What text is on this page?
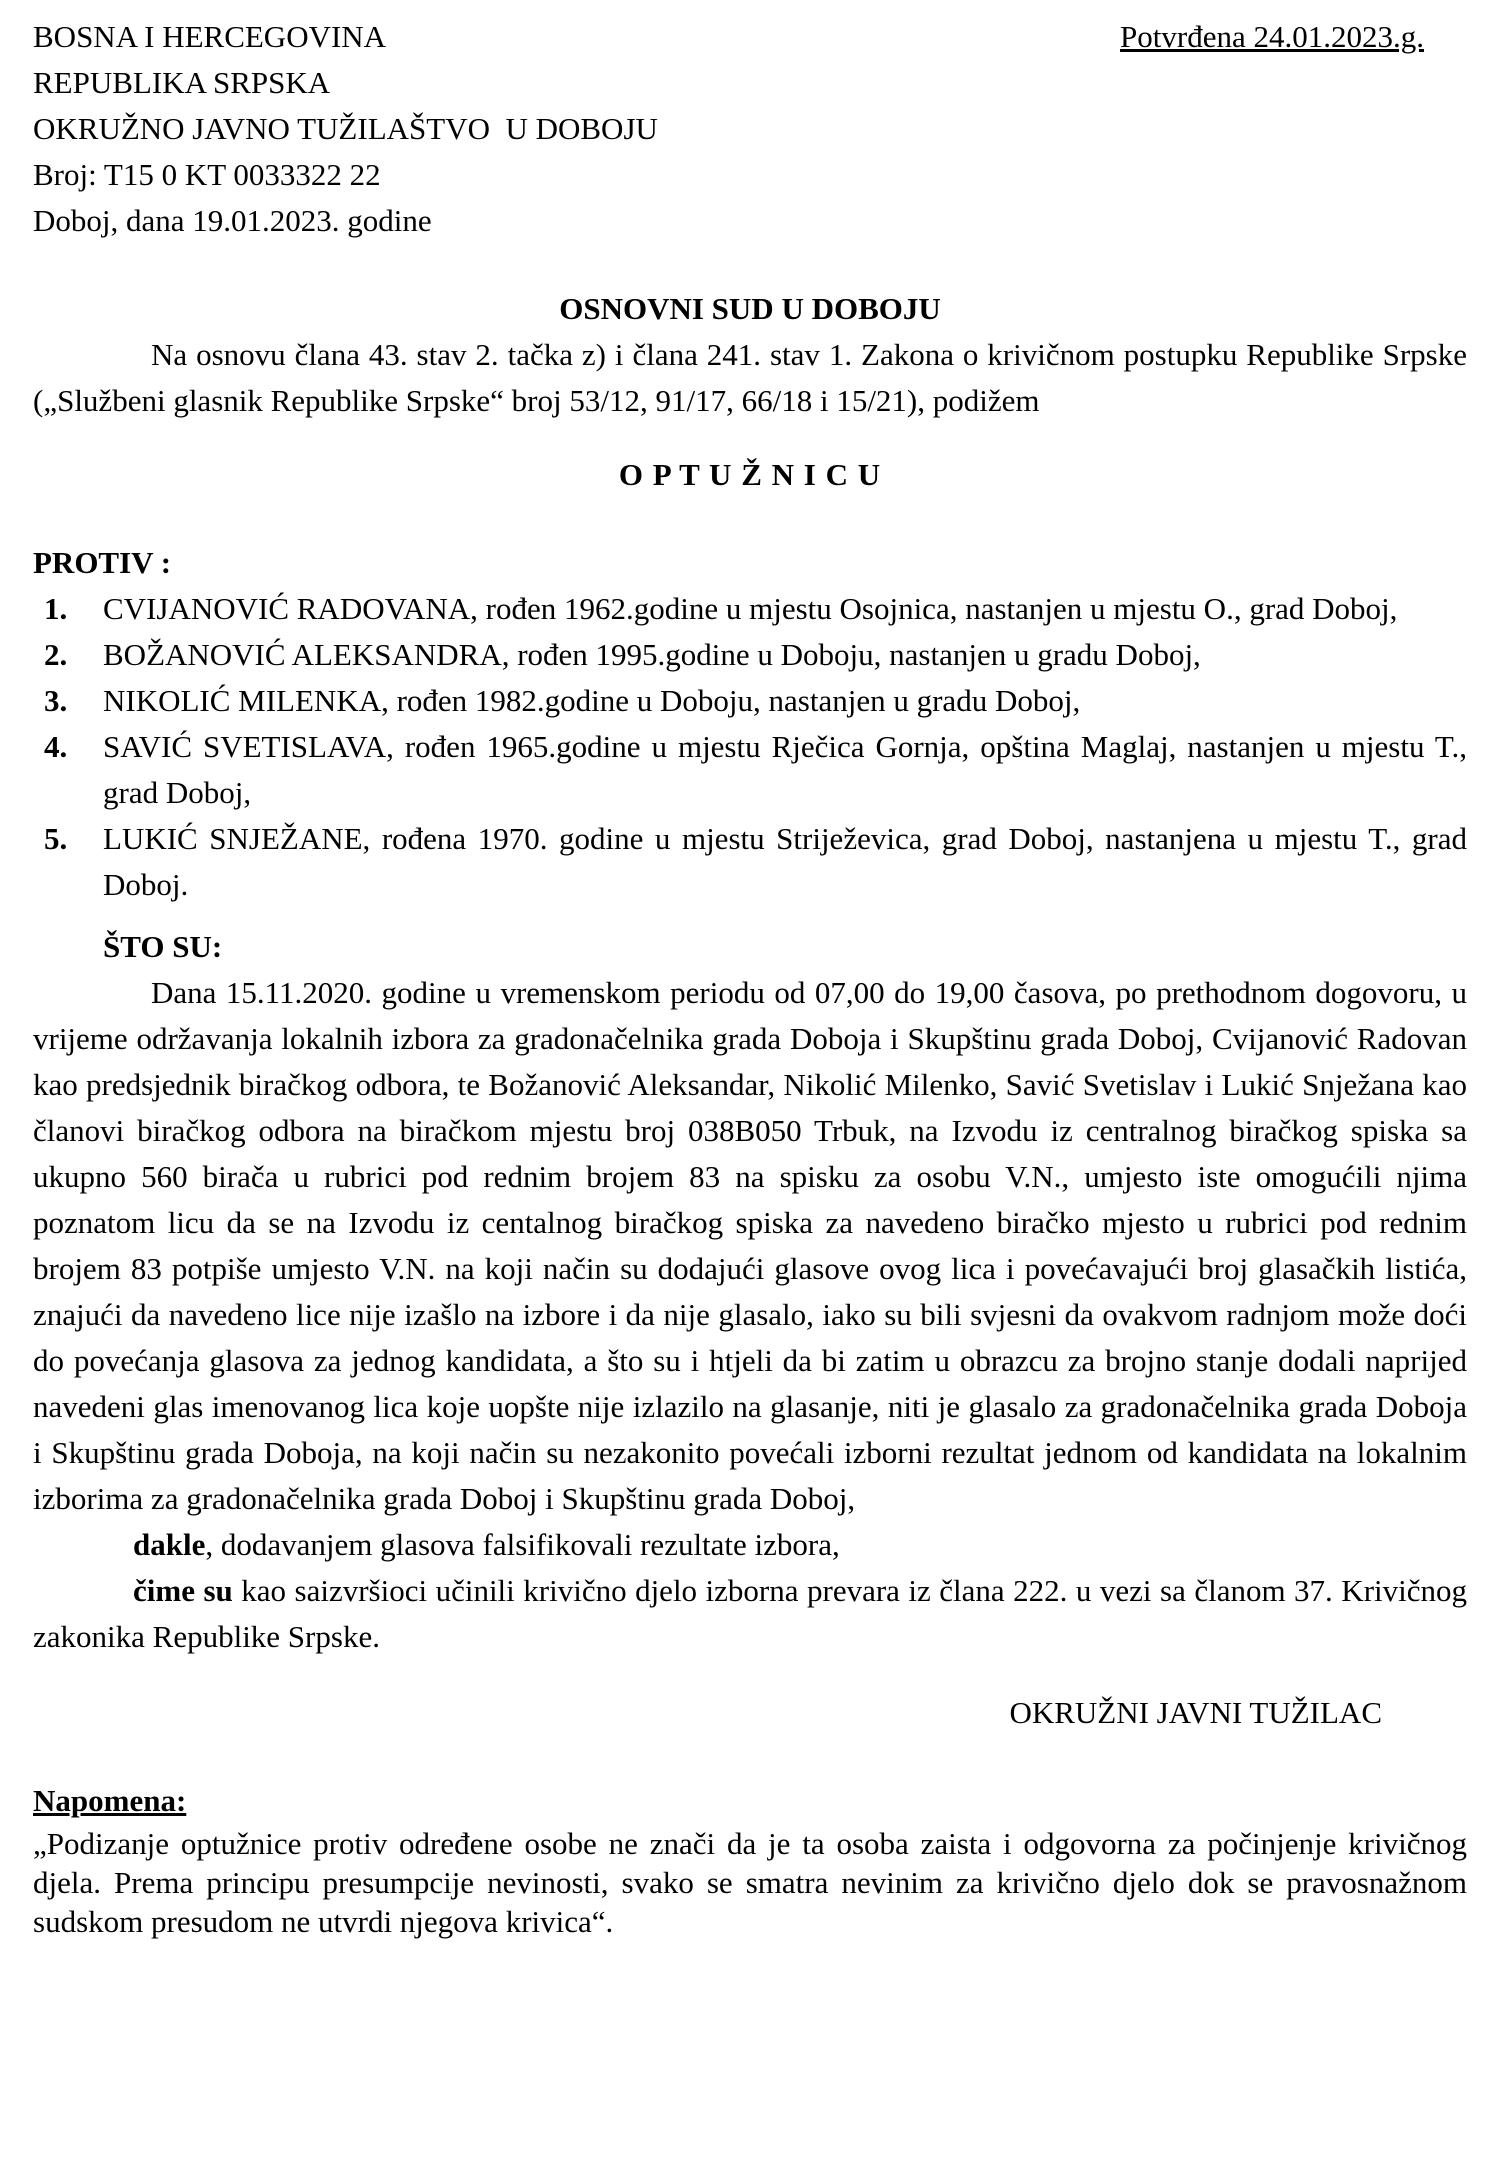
BOSNA I HERCEGOVINA
REPUBLIKA SRPSKA
OKRUŽNO JAVNO TUŽILAŠTVO  U DOBOJU
Broj: T15 0 KT 0033322 22
Doboj, dana 19.01.2023. godine
Potvrđena 24.01.2023.g.
OSNOVNI SUD U DOBOJU

Na osnovu člana 43. stav 2. tačka z) i člana 241. stav 1. Zakona o krivičnom postupku Republike Srpske („Službeni glasnik Republike Srpske“ broj 53/12, 91/17, 66/18 i 15/21), podižem

O P T U Ž N I C U
PROTIV :
1.	CVIJANOVIĆ RADOVANA, rođen 1962.godine u mjestu Osojnica, nastanjen u mjestu O., grad Doboj,
2.	BOŽANOVIĆ ALEKSANDRA, rođen 1995.godine u Doboju, nastanjen u gradu Doboj,
3.	NIKOLIĆ MILENKA, rođen 1982.godine u Doboju, nastanjen u gradu Doboj,
4.	SAVIĆ SVETISLAVA, rođen 1965.godine u mjestu Rječica Gornja, opština Maglaj, nastanjen u mjestu T., grad Doboj,
5.	LUKIĆ SNJEŽANE, rođena 1970. godine u mjestu Striježevica, grad Doboj, nastanjena u mjestu T., grad Doboj.
ŠTO SU:

Dana 15.11.2020. godine u vremenskom periodu od 07,00 do 19,00 časova, po prethodnom dogovoru, u vrijeme održavanja lokalnih izbora za gradonačelnika grada Doboja i Skupštinu grada Doboj, Cvijanović Radovan kao predsjednik biračkog odbora, te Božanović Aleksandar, Nikolić Milenko, Savić Svetislav i Lukić Snježana kao članovi biračkog odbora na biračkom mjestu broj 038B050 Trbuk, na Izvodu iz centralnog biračkog spiska sa ukupno 560 birača u rubrici pod rednim brojem 83 na spisku za osobu V.N., umjesto iste omogućili njima poznatom licu da se na Izvodu iz centalnog biračkog spiska za navedeno biračko mjesto u rubrici pod rednim brojem 83 potpiše umjesto V.N. na koji način su dodajući glasove ovog lica i povećavajući broj glasačkih listića, znajući da navedeno lice nije izašlo na izbore i da nije glasalo, iako su bili svjesni da ovakvom radnjom može doći do povećanja glasova za jednog kandidata, a što su i htjeli da bi zatim u obrazcu za brojno stanje dodali naprijed navedeni glas imenovanog lica koje uopšte nije izlazilo na glasanje, niti je glasalo za gradonačelnika grada Doboja i Skupštinu grada Doboja, na koji način su nezakonito povećali izborni rezultat jednom od kandidata na lokalnim izborima za gradonačelnika grada Doboj i Skupštinu grada Doboj,

dakle, dodavanjem glasova falsifikovali rezultate izbora,

čime su kao saizvršioci učinili krivično djelo izborna prevara iz člana 222. u vezi sa članom 37. Krivičnog zakonika Republike Srpske.

OKRUŽNI JAVNI TUŽILAC
Napomena:

„Podizanje optužnice protiv određene osobe ne znači da je ta osoba zaista i odgovorna za počinjenje krivičnog djela. Prema principu presumpcije nevinosti, svako se smatra nevinim za krivično djelo dok se pravosnažnom sudskom presudom ne utvrdi njegova krivica“.
